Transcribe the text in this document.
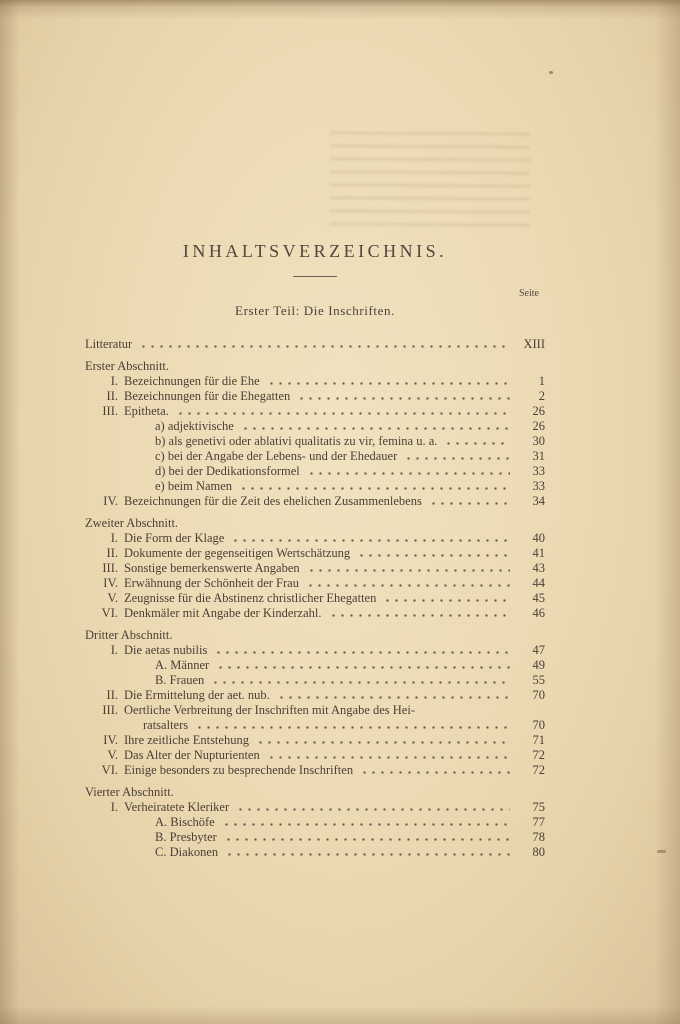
INHALTSVERZEICHNIS.
Seite
Erster Teil: Die Inschriften.
Litteratur	XIII
Erster Abschnitt.
I. Bezeichnungen für die Ehe	1
II. Bezeichnungen für die Ehegatten	2
III. Epitheta.	26
a) adjektivische	26
b) als genetivi oder ablativi qualitatis zu vir, femina u. a.	30
c) bei der Angabe der Lebens- und der Ehedauer	31
d) bei der Dedikationsformel	33
e) beim Namen	33
IV. Bezeichnungen für die Zeit des ehelichen Zusammenlebens	34
Zweiter Abschnitt.
I. Die Form der Klage	40
II. Dokumente der gegenseitigen Wertschätzung	41
III. Sonstige bemerkenswerte Angaben	43
IV. Erwähnung der Schönheit der Frau	44
V. Zeugnisse für die Abstinenz christlicher Ehegatten	45
VI. Denkmäler mit Angabe der Kinderzahl.	46
Dritter Abschnitt.
I. Die aetas nubilis	47
A. Männer	49
B. Frauen	55
II. Die Ermittelung der aet. nub.	70
III. Oertliche Verbreitung der Inschriften mit Angabe des Hei-
ratsalters	70
IV. Ihre zeitliche Entstehung	71
V. Das Alter der Nupturienten	72
VI. Einige besonders zu besprechende Inschriften	72
Vierter Abschnitt.
I. Verheiratete Kleriker	75
A. Bischöfe	77
B. Presbyter	78
C. Diakonen	80
